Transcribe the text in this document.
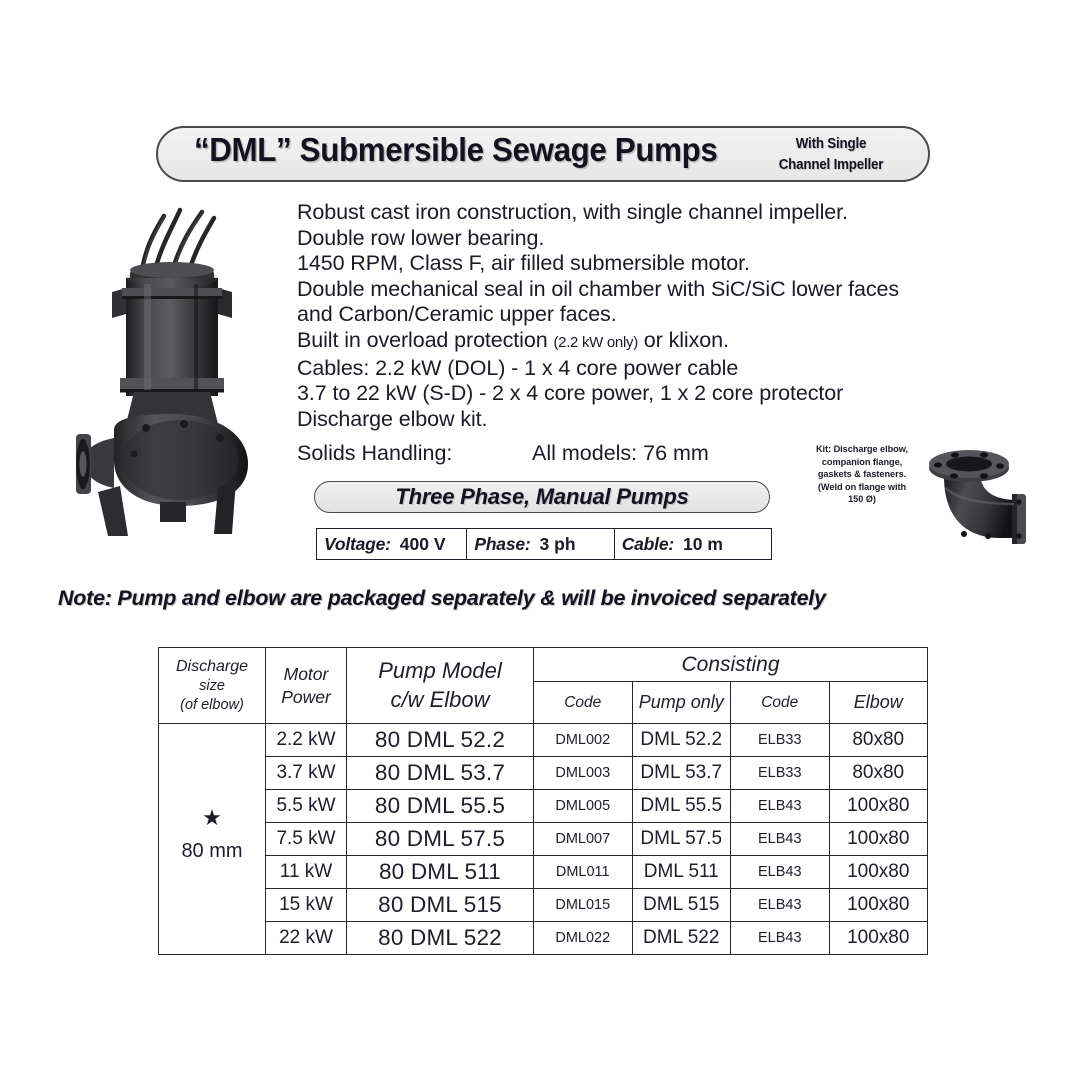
“DML” Submersible Sewage Pumps	With Single
Channel Impeller
Robust cast iron construction, with single channel impeller.
Double row lower bearing.
1450 RPM, Class F, air filled submersible motor.
Double mechanical seal in oil chamber with SiC/SiC lower faces
and Carbon/Ceramic upper faces.
Built in overload protection (2.2 kW only) or klixon.
Cables: 2.2 kW (DOL) - 1 x 4 core power cable
3.7 to 22 kW (S-D) - 2 x 4 core power, 1 x 2 core protector
Discharge elbow kit.
Solids Handling:	All models: 76 mm	Kit: Discharge elbow,
companion flange,
gaskets & fasteners.
(Weld on flange with
150 Ø)
Three Phase, Manual Pumps
Voltage: 400 V Phase: 3 ph	Cable: 10 m
Note: Pump and elbow are packaged separately & will be invoiced separately
Discharge
size
(of elbow)

Motor
Power

Pump Model
c/w Elbow
	Consisting
			Code	Pump only	Code	Elbow

★
80 mm	2.2 kW	80 DML 52.2	DML002	DML 52.2	ELB33	80x80
	3.7 kW	80 DML 53.7	DML003	DML 53.7	ELB33	80x80
	5.5 kW	80 DML 55.5	DML005	DML 55.5	ELB43	100x80
	7.5 kW	80 DML 57.5	DML007	DML 57.5	ELB43	100x80
	11 kW	80 DML 511	DML011	DML 511	ELB43	100x80
	15 kW	80 DML 515	DML015	DML 515	ELB43	100x80
	22 kW	80 DML 522	DML022	DML 522	ELB43	100x80
